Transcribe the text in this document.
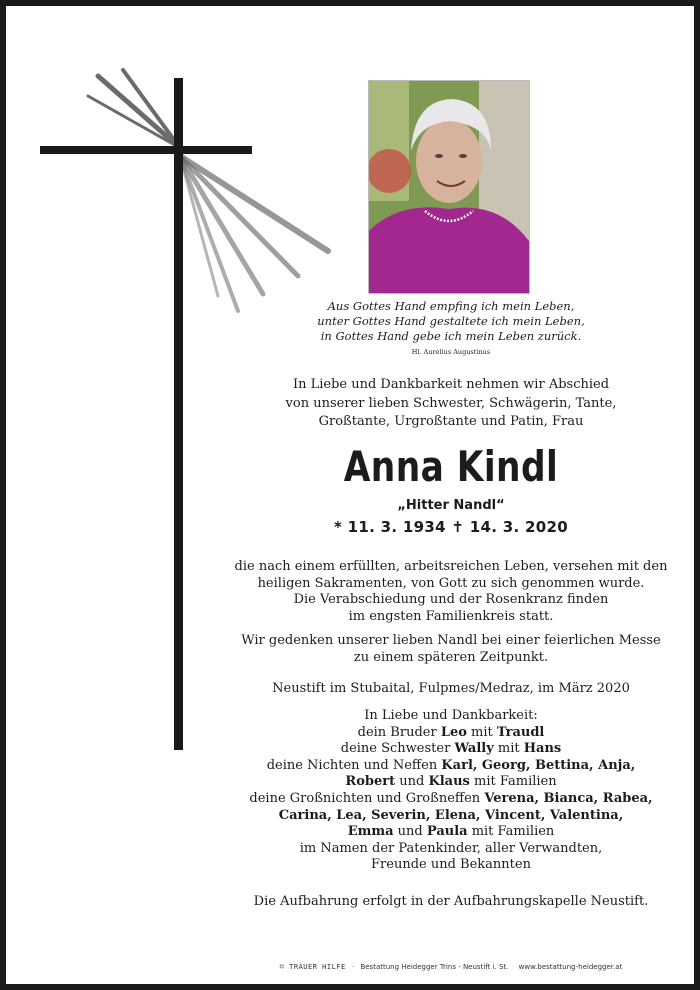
Aus Gottes Hand empfing ich mein Leben,
unter Gottes Hand gestaltete ich mein Leben,
in Gottes Hand gebe ich mein Leben zurück.
Hl. Aurelius Augustinus
In Liebe und Dankbarkeit nehmen wir Abschied
von unserer lieben Schwester, Schwägerin, Tante,
Großtante, Urgroßtante und Patin, Frau
Anna Kindl
„Hitter Nandl“
* 11. 3. 1934 ✝ 14. 3. 2020
die nach einem erfüllten, arbeitsreichen Leben, versehen mit den
heiligen Sakramenten, von Gott zu sich genommen wurde.
Die Verabschiedung und der Rosenkranz finden
im engsten Familienkreis statt.
Wir gedenken unserer lieben Nandl bei einer feierlichen Messe
zu einem späteren Zeitpunkt.
Neustift im Stubaital, Fulpmes/Medraz, im März 2020
In Liebe und Dankbarkeit:
dein Bruder Leo mit Traudl
deine Schwester Wally mit Hans
deine Nichten und Neffen Karl, Georg, Bettina, Anja,
Robert und Klaus mit Familien
deine Großnichten und Großneffen Verena, Bianca, Rabea,
Carina, Lea, Severin, Elena, Vincent, Valentina,
Emma und Paula mit Familien
im Namen der Patenkinder, aller Verwandten,
Freunde und Bekannten
Die Aufbahrung erfolgt in der Aufbahrungskapelle Neustift.
© TRAUER HILFE · Bestattung Heidegger Trins - Neustift i. St. www.bestattung-heidegger.at
